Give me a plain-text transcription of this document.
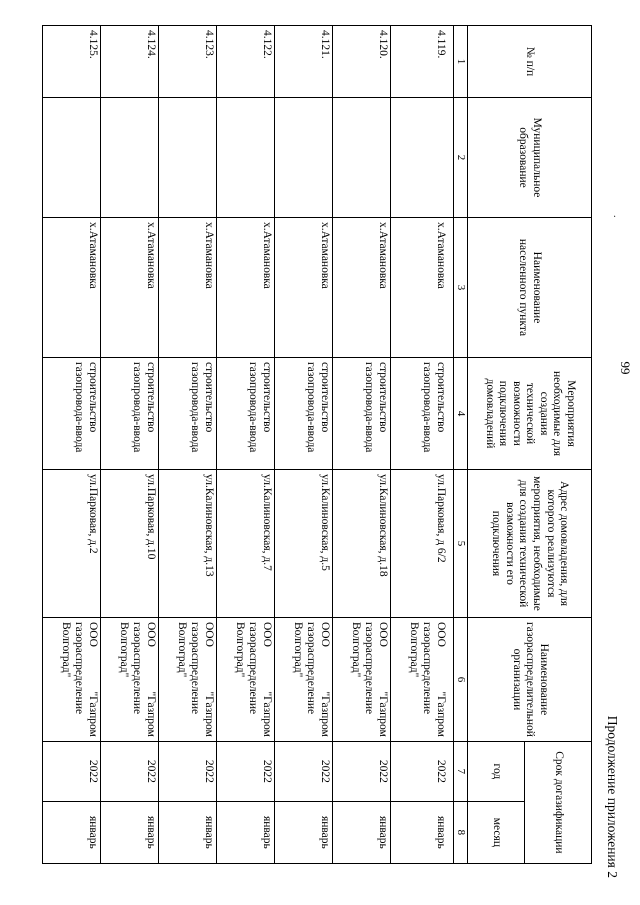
99
.
Продолжение приложения 2
№ п/п	Муниципальное образование	Наименование населенного пункта	Мероприятия необходимые для создания технической возможности подключения домовладений	Адрес домовладения, для которого реализуются мероприятия, необходимые для создания технической возможности его подключения	Наименование газораспределительной организации	Срок догазификации	
						год	месяц
1	2	3	4	5	6	7	8
4.119.		х.Атамановка	строительство газопровода-ввода	ул.Парковая, д 6/2	ООО "Газпром газораспределение Волгоград"	2022	январь
4.120.		х.Атамановка	строительство газопровода-ввода	ул.Калиновская, д.18	ООО "Газпром газораспределение Волгоград"	2022	январь
4.121.		х.Атамановка	строительство газопровода-ввода	ул.Калиновская, д.5	ООО "Газпром газораспределение Волгоград"	2022	январь
4.122.		х.Атамановка	строительство газопровода-ввода	ул.Калиновская, д.7	ООО "Газпром газораспределение Волгоград"	2022	январь
4.123.		х.Атамановка	строительство газопровода-ввода	ул.Калиновская, д.13	ООО "Газпром газораспределение Волгоград"	2022	январь
4.124.		х.Атамановка	строительство газопровода-ввода	ул.Парковая, д.10	ООО "Газпром газораспределение Волгоград"	2022	январь
4.125.		х.Атамановка	строительство газопровода-ввода	ул.Парковая, д.2	ООО "Газпром газораспределение Волгоград"	2022	январь
